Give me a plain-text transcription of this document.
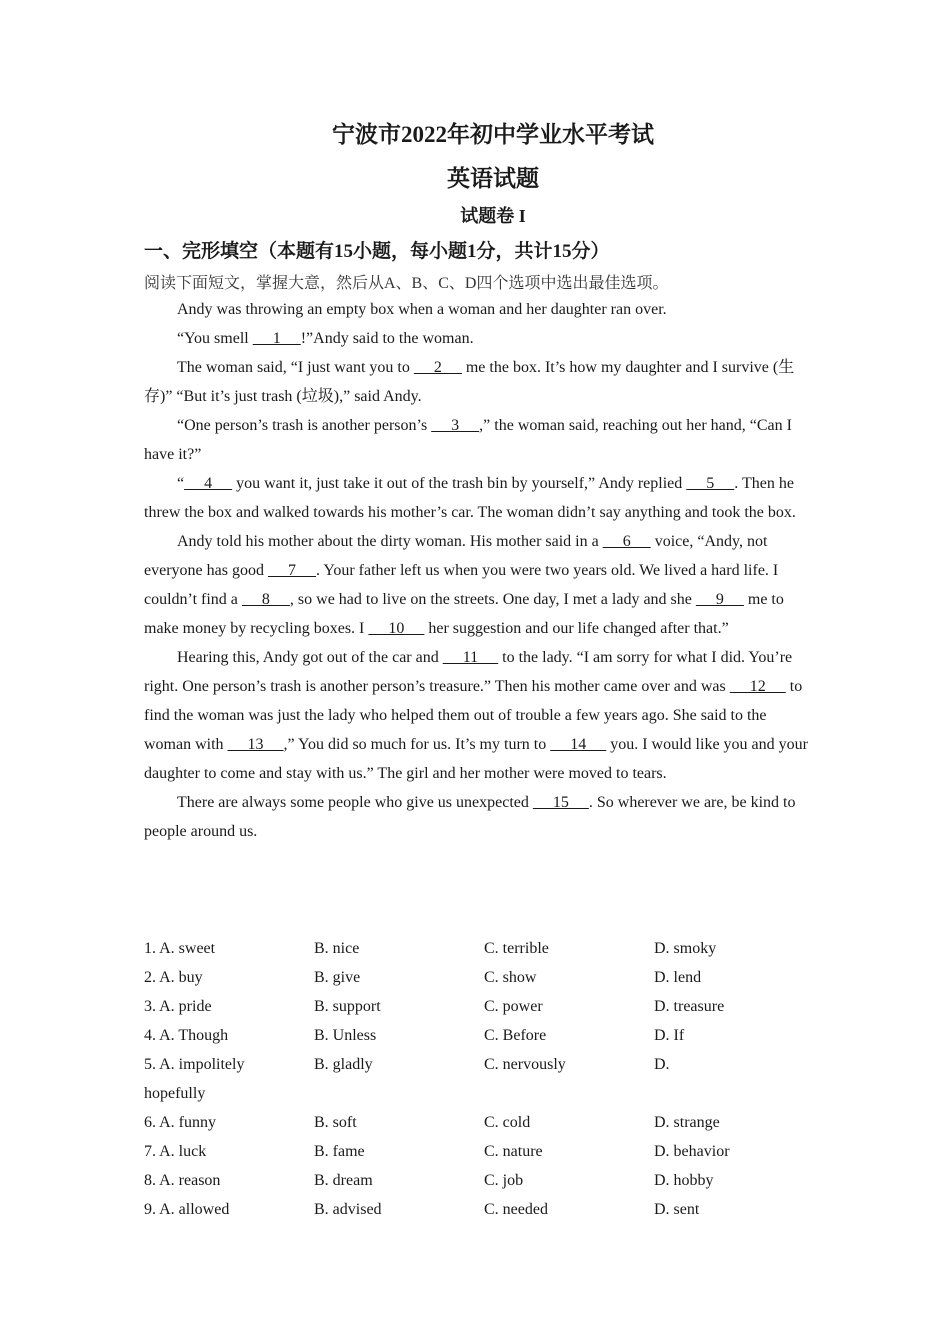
宁波市2022年初中学业水平考试
英语试题
试题卷 I
一、完形填空（本题有15小题，每小题1分，共计15分）
阅读下面短文，掌握大意，然后从A、B、C、D四个选项中选出最佳选项。

Andy was throwing an empty box when a woman and her daughter ran over.

“You smell      1     !”Andy said to the woman.

The woman said, “I just want you to      2      me the box. It’s how my daughter and I survive (生存)” “But it’s just trash (垃圾),” said Andy.

“One person’s trash is another person’s      3     ,” the woman said, reaching out her hand, “Can I have it?”

“     4      you want it, just take it out of the trash bin by yourself,” Andy replied      5     . Then he threw the box and walked towards his mother’s car. The woman didn’t say anything and took the box.

Andy told his mother about the dirty woman. His mother said in a      6      voice, “Andy, not everyone has good      7     . Your father left us when you were two years old. We lived a hard life. I couldn’t find a      8     , so we had to live on the streets. One day, I met a lady and she      9      me to make money by recycling boxes. I      10      her suggestion and our life changed after that.”

Hearing this, Andy got out of the car and      11      to the lady. “I am sorry for what I did. You’re right. One person’s trash is another person’s treasure.” Then his mother came over and was      12      to find the woman was just the lady who helped them out of trouble a few years ago. She said to the woman with      13     ,” You did so much for us. It’s my turn to      14      you. I would like you and your daughter to come and stay with us.” The girl and her mother were moved to tears.

There are always some people who give us unexpected      15     . So wherever we are, be kind to people around us.

1. A. sweet	B. nice	C. terrible	D. smoky
2. A. buy	B. give	C. show	D. lend
3. A. pride	B. support	C. power	D. treasure
4. A. Though	B. Unless	C. Before	D. If
5. A. impolitely	B. gladly	C. nervously	D.
hopefully
6. A. funny	B. soft	C. cold	D. strange
7. A. luck	B. fame	C. nature	D. behavior
8. A. reason	B. dream	C. job	D. hobby
9. A. allowed	B. advised	C. needed	D. sent
